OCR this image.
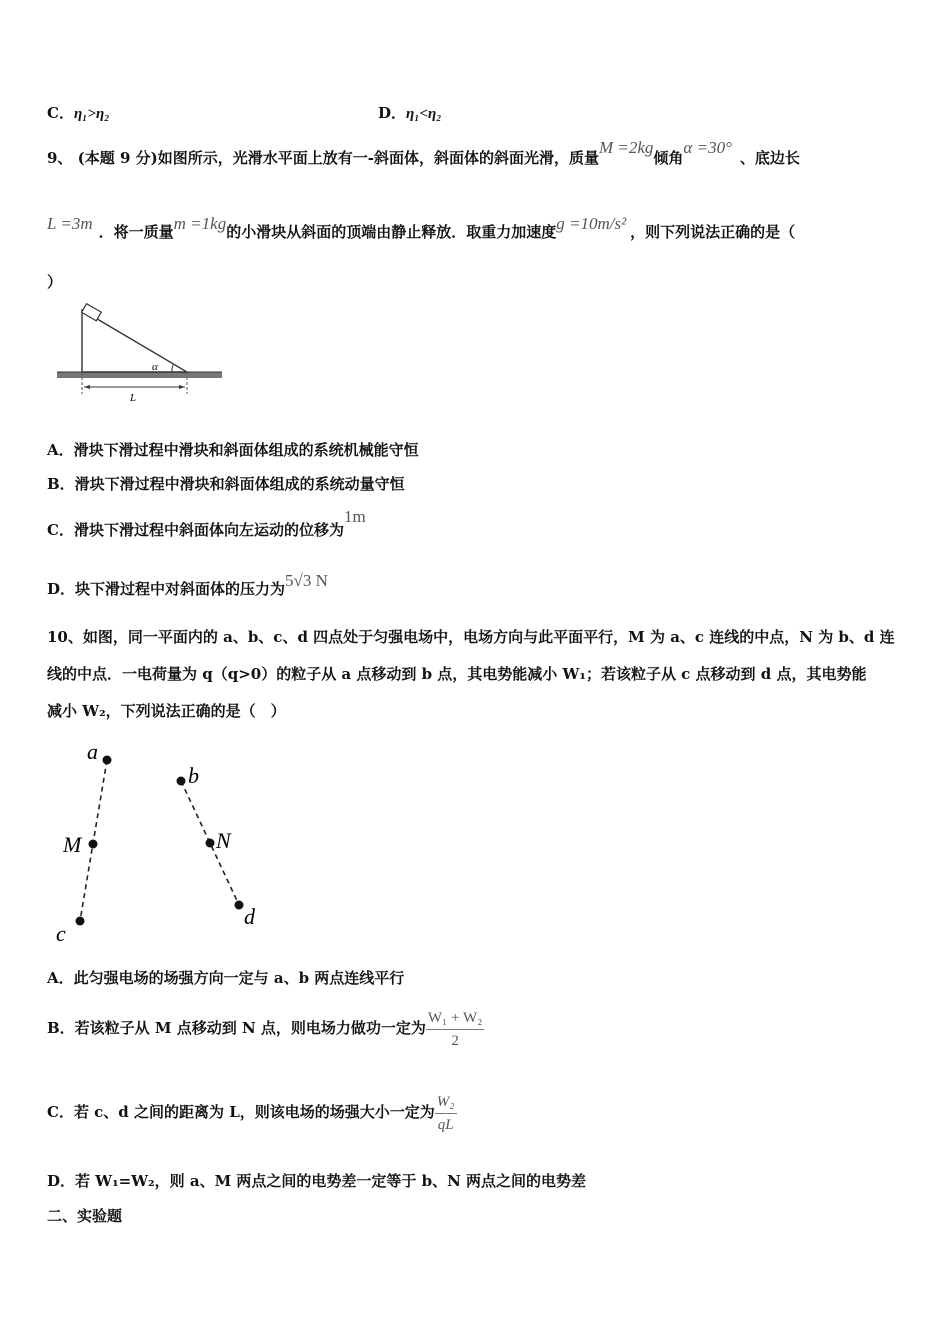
C．η₁>η₂	D．η₁<η₂
9、 (本题 9 分)如图所示，光滑水平面上放有一-斜面体，斜面体的斜面光滑，质量M =2kg倾角α =30°、底边长
L =3m ．将一质量m =1kg的小滑块从斜面的顶端由静止释放．取重力加速度g =10m/s² ，则下列说法正确的是（
）
α
L
A．滑块下滑过程中滑块和斜面体组成的系统机械能守恒
B．滑块下滑过程中滑块和斜面体组成的系统动量守恒
C．滑块下滑过程中斜面体向左运动的位移为1m
D．块下滑过程中对斜面体的压力为5√3 N
10、如图，同一平面内的 a、b、c、d 四点处于匀强电场中，电场方向与此平面平行，M 为 a、c 连线的中点，N 为 b、d 连
线的中点．一电荷量为 q（q>0）的粒子从 a 点移动到 b 点，其电势能减小 W₁；若该粒子从 c 点移动到 d 点，其电势能
减小 W₂，下列说法正确的是（　）
a
M
c
b
N
d
A．此匀强电场的场强方向一定与 a、b 两点连线平行
B．若该粒子从 M 点移动到 N 点，则电场力做功一定为 $\frac{\text{W₁ + W₂}}{2}$
C．若 c、d 之间的距离为 L，则该电场的场强大小一定为 $\frac{\text{W₂}}{qL}$
D．若 W₁=W₂，则 a、M 两点之间的电势差一定等于 b、N 两点之间的电势差
二、实验题
